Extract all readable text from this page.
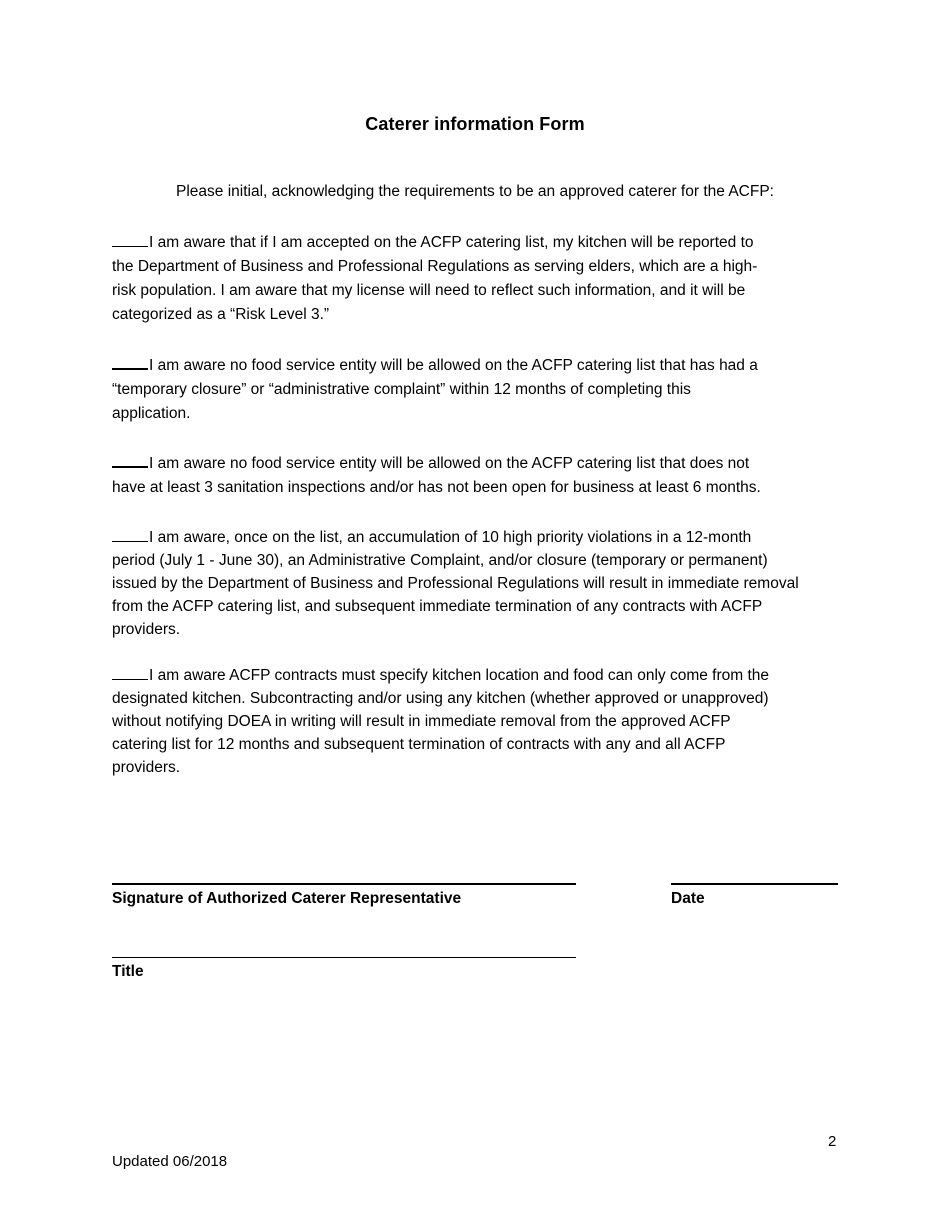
Caterer information Form
Please initial, acknowledging the requirements to be an approved caterer for the ACFP:

I am aware that if I am accepted on the ACFP catering list, my kitchen will be reported to
the Department of Business and Professional Regulations as serving elders, which are a high-
risk population. I am aware that my license will need to reflect such information, and it will be
categorized as a “Risk Level 3.”

I am aware no food service entity will be allowed on the ACFP catering list that has had a
“temporary closure” or “administrative complaint” within 12 months of completing this
application.

I am aware no food service entity will be allowed on the ACFP catering list that does not
have at least 3 sanitation inspections and/or has not been open for business at least 6 months.

I am aware, once on the list, an accumulation of 10 high priority violations in a 12-month
period (July 1 - June 30), an Administrative Complaint, and/or closure (temporary or permanent)
issued by the Department of Business and Professional Regulations will result in immediate removal
from the ACFP catering list, and subsequent immediate termination of any contracts with ACFP
providers.

I am aware ACFP contracts must specify kitchen location and food can only come from the
designated kitchen. Subcontracting and/or using any kitchen (whether approved or unapproved)
without notifying DOEA in writing will result in immediate removal from the approved ACFP
catering list for 12 months and subsequent termination of contracts with any and all ACFP
providers.

Signature of Authorized Caterer Representative	Date
Title
2
Updated 06/2018
